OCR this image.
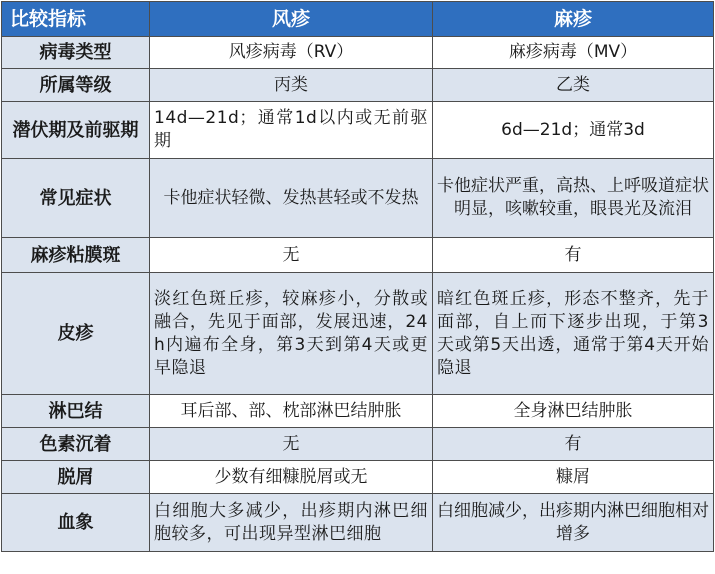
比较指标	风疹	麻疹
病毒类型	风疹病毒（RV）	麻疹病毒（MV）
所属等级	丙类	乙类
潜伏期及前驱期	14d—21d；通常1d以内或无前驱期	6d—21d；通常3d
常见症状	卡他症状轻微、发热甚轻或不发热	卡他症状严重，高热、上呼吸道症状明显，咳嗽较重，眼畏光及流泪
麻疹粘膜斑	无	有
皮疹	淡红色斑丘疹，较麻疹小，分散或融合，先见于面部，发展迅速，24h内遍布全身，第3天到第4天或更早隐退	暗红色斑丘疹，形态不整齐，先于面部，自上而下逐步出现，于第3天或第5天出透，通常于第4天开始隐退
淋巴结	耳后部、部、枕部淋巴结肿胀	全身淋巴结肿胀
色素沉着	无	有
脱屑	少数有细糠脱屑或无	糠屑
血象	白细胞大多减少，出疹期内淋巴细胞较多，可出现异型淋巴细胞	白细胞减少，出疹期内淋巴细胞相对增多
